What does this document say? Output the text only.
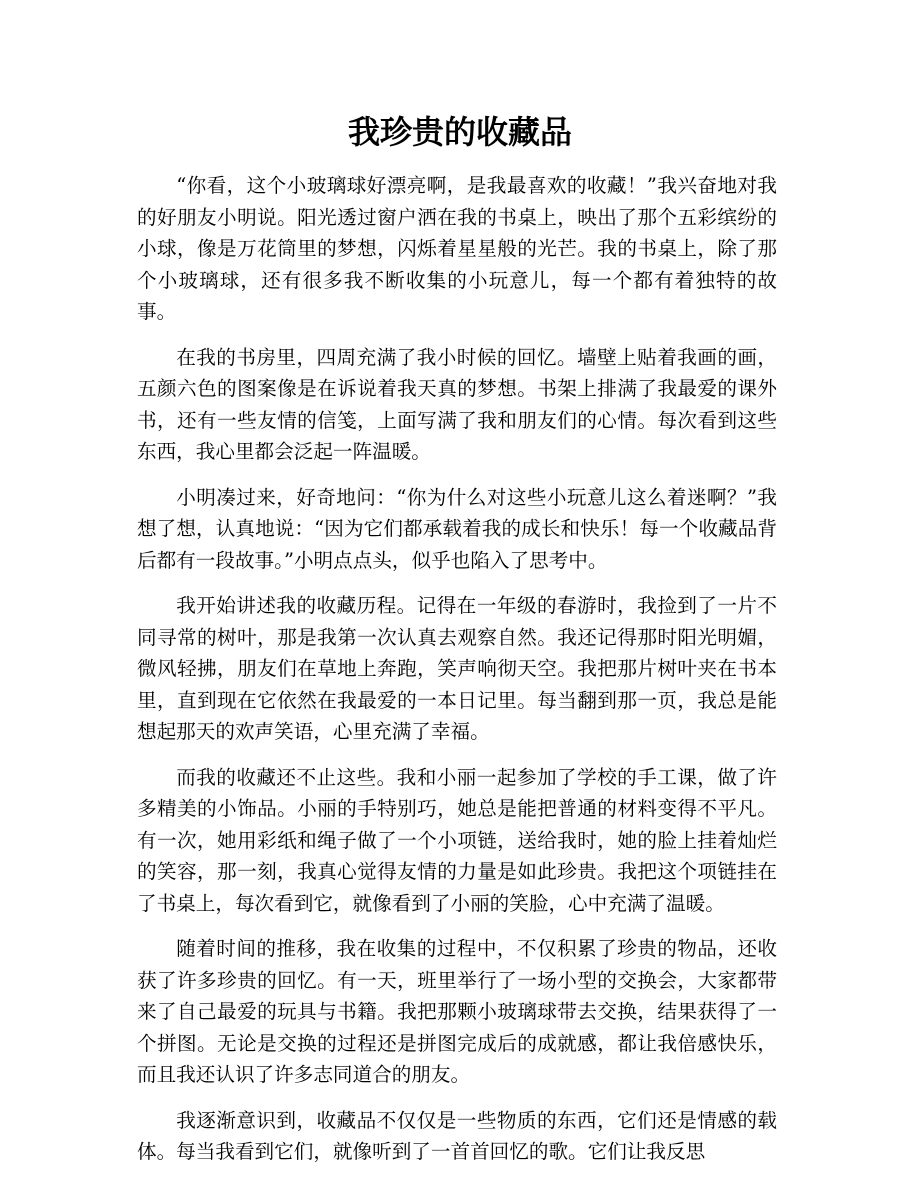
我珍贵的收藏品

“你看，这个小玻璃球好漂亮啊，是我最喜欢的收藏！”我兴奋地对我的好朋友小明说。阳光透过窗户洒在我的书桌上，映出了那个五彩缤纷的小球，像是万花筒里的梦想，闪烁着星星般的光芒。我的书桌上，除了那个小玻璃球，还有很多我不断收集的小玩意儿，每一个都有着独特的故事。

在我的书房里，四周充满了我小时候的回忆。墙壁上贴着我画的画，五颜六色的图案像是在诉说着我天真的梦想。书架上排满了我最爱的课外书，还有一些友情的信笺，上面写满了我和朋友们的心情。每次看到这些东西，我心里都会泛起一阵温暖。

小明凑过来，好奇地问：“你为什么对这些小玩意儿这么着迷啊？”我想了想，认真地说：“因为它们都承载着我的成长和快乐！每一个收藏品背后都有一段故事。”小明点点头，似乎也陷入了思考中。

我开始讲述我的收藏历程。记得在一年级的春游时，我捡到了一片不同寻常的树叶，那是我第一次认真去观察自然。我还记得那时阳光明媚，微风轻拂，朋友们在草地上奔跑，笑声响彻天空。我把那片树叶夹在书本里，直到现在它依然在我最爱的一本日记里。每当翻到那一页，我总是能想起那天的欢声笑语，心里充满了幸福。

而我的收藏还不止这些。我和小丽一起参加了学校的手工课，做了许多精美的小饰品。小丽的手特别巧，她总是能把普通的材料变得不平凡。有一次，她用彩纸和绳子做了一个小项链，送给我时，她的脸上挂着灿烂的笑容，那一刻，我真心觉得友情的力量是如此珍贵。我把这个项链挂在了书桌上，每次看到它，就像看到了小丽的笑脸，心中充满了温暖。

随着时间的推移，我在收集的过程中，不仅积累了珍贵的物品，还收获了许多珍贵的回忆。有一天，班里举行了一场小型的交换会，大家都带来了自己最爱的玩具与书籍。我把那颗小玻璃球带去交换，结果获得了一个拼图。无论是交换的过程还是拼图完成后的成就感，都让我倍感快乐，而且我还认识了许多志同道合的朋友。

我逐渐意识到，收藏品不仅仅是一些物质的东西，它们还是情感的载体。每当我看到它们，就像听到了一首首回忆的歌。它们让我反思
